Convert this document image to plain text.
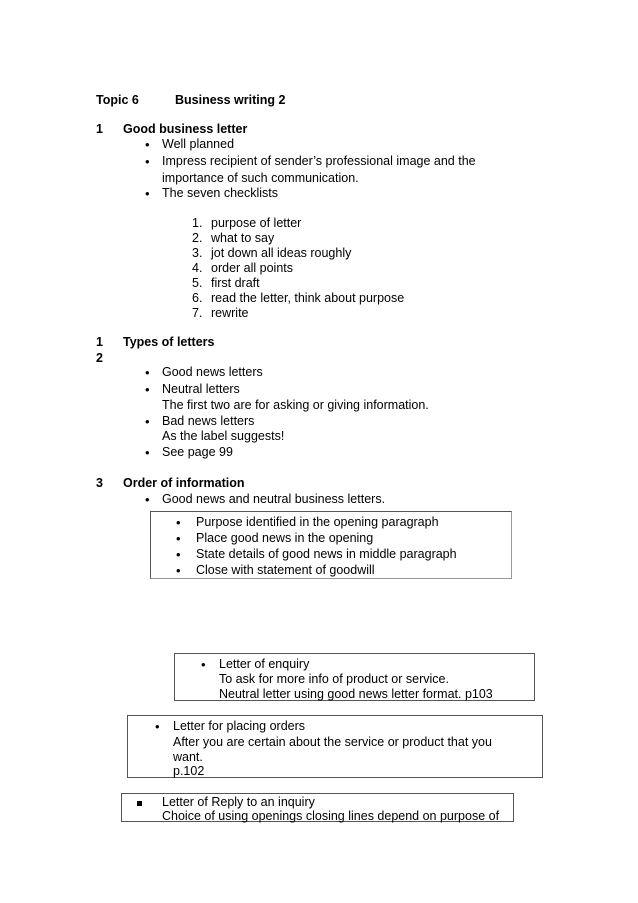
Topic 6	Business writing 2
1 Good business letter
• Well planned
• Impress recipient of sender’s professional image and the
importance of such communication.
• The seven checklists
1. purpose of letter
2. what to say
3. jot down all ideas roughly
4. order all points
5. first draft
6. read the letter, think about purpose
7. rewrite
1
2
Types of letters
• Good news letters
• Neutral letters
The first two are for asking or giving information.
• Bad news letters
As the label suggests!
• See page 99
3 Order of information
• Good news and neutral business letters.
• Purpose identified in the opening paragraph
• Place good news in the opening
• State details of good news in middle paragraph
• Close with statement of goodwill
• Letter of enquiry
To ask for more info of product or service.
Neutral letter using good news letter format. p103
• Letter for placing orders
After you are certain about the service or product that you
want.
p.102
Letter of Reply to an inquiry
Choice of using openings closing lines depend on purpose of
